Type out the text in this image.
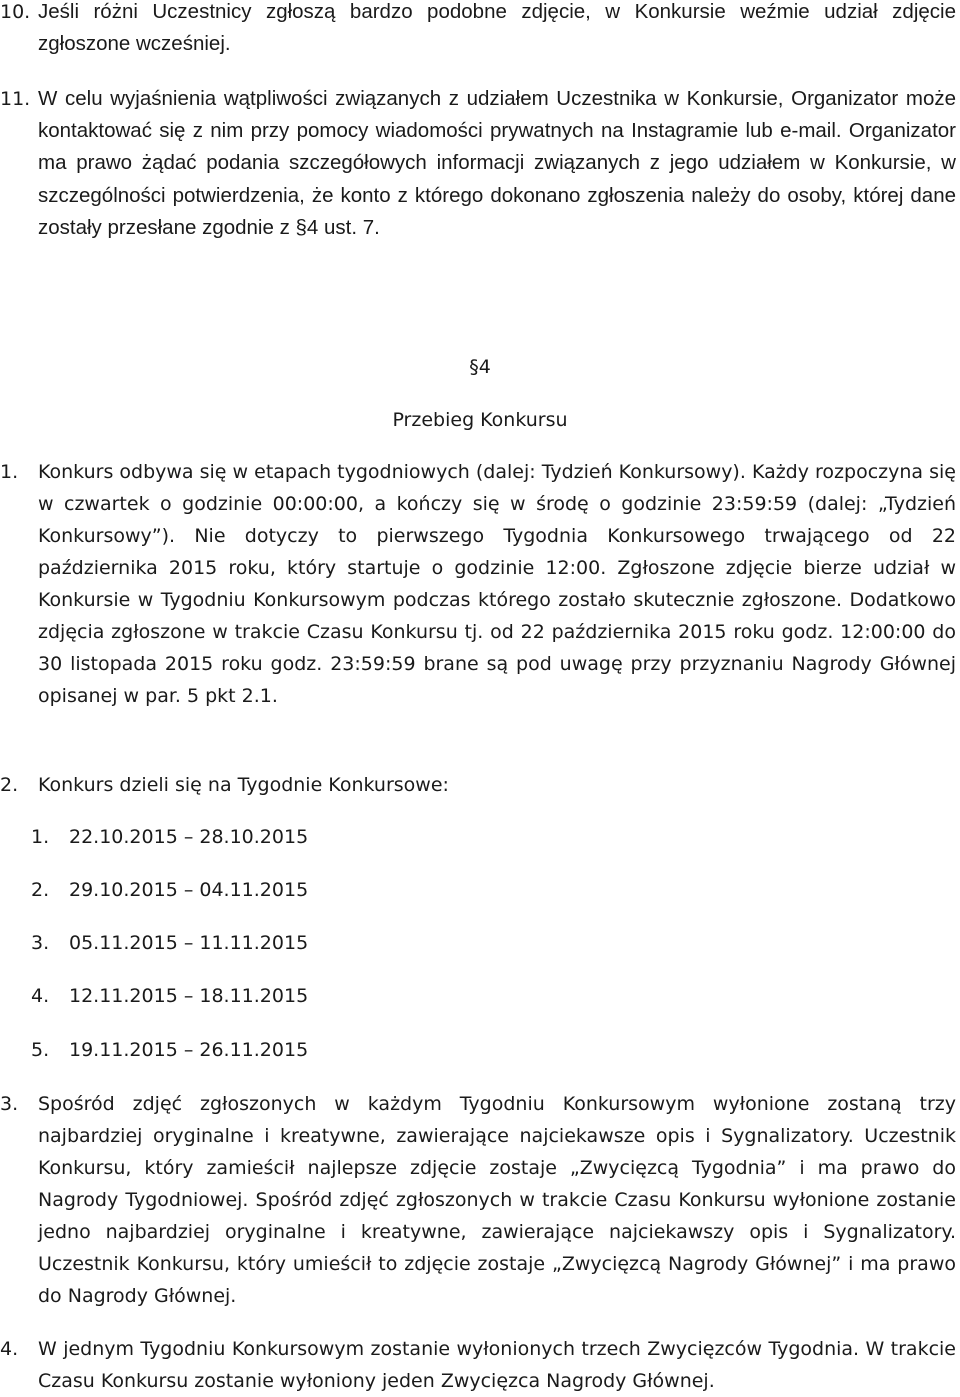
10. Jeśli różni Uczestnicy zgłoszą bardzo podobne zdjęcie, w Konkursie weźmie udział zdjęcie zgłoszone wcześniej.
11. W celu wyjaśnienia wątpliwości związanych z udziałem Uczestnika w Konkursie, Organizator może kontaktować się z nim przy pomocy wiadomości prywatnych na Instagramie lub e-mail. Organizator ma prawo żądać podania szczegółowych informacji związanych z jego udziałem w Konkursie, w szczególności potwierdzenia, że konto z którego dokonano zgłoszenia należy do osoby, której dane zostały przesłane zgodnie z §4 ust. 7.
§4
Przebieg Konkursu
1.	Konkurs odbywa się w etapach tygodniowych (dalej: Tydzień Konkursowy). Każdy rozpoczyna się w czwartek o godzinie 00:00:00, a kończy się w środę o godzinie 23:59:59 (dalej: „Tydzień Konkursowy”). Nie dotyczy to pierwszego Tygodnia Konkursowego trwającego od 22 października 2015 roku, który startuje o godzinie 12:00. Zgłoszone zdjęcie bierze udział w Konkursie w Tygodniu Konkursowym podczas którego zostało skutecznie zgłoszone. Dodatkowo zdjęcia zgłoszone w trakcie Czasu Konkursu tj. od 22 października 2015 roku godz. 12:00:00 do 30 listopada 2015 roku godz. 23:59:59 brane są pod uwagę przy przyznaniu Nagrody Głównej opisanej w par. 5 pkt 2.1.
2.	Konkurs dzieli się na Tygodnie Konkursowe:
1. 22.10.2015 – 28.10.2015
2. 29.10.2015 – 04.11.2015
3. 05.11.2015 – 11.11.2015
4. 12.11.2015 – 18.11.2015
5. 19.11.2015 – 26.11.2015
3.	Spośród zdjęć zgłoszonych w każdym Tygodniu Konkursowym wyłonione zostaną trzy najbardziej oryginalne i kreatywne, zawierające najciekawsze opis i Sygnalizatory. Uczestnik Konkursu, który zamieścił najlepsze zdjęcie zostaje „Zwycięzcą Tygodnia” i ma prawo do Nagrody Tygodniowej. Spośród zdjęć zgłoszonych w trakcie Czasu Konkursu wyłonione zostanie jedno najbardziej oryginalne i kreatywne, zawierające najciekawszy opis i Sygnalizatory. Uczestnik Konkursu, który umieścił to zdjęcie zostaje „Zwycięzcą Nagrody Głównej” i ma prawo do Nagrody Głównej.
4.	W jednym Tygodniu Konkursowym zostanie wyłonionych trzech Zwycięzców Tygodnia. W trakcie Czasu Konkursu zostanie wyłoniony jeden Zwycięzca Nagrody Głównej.
